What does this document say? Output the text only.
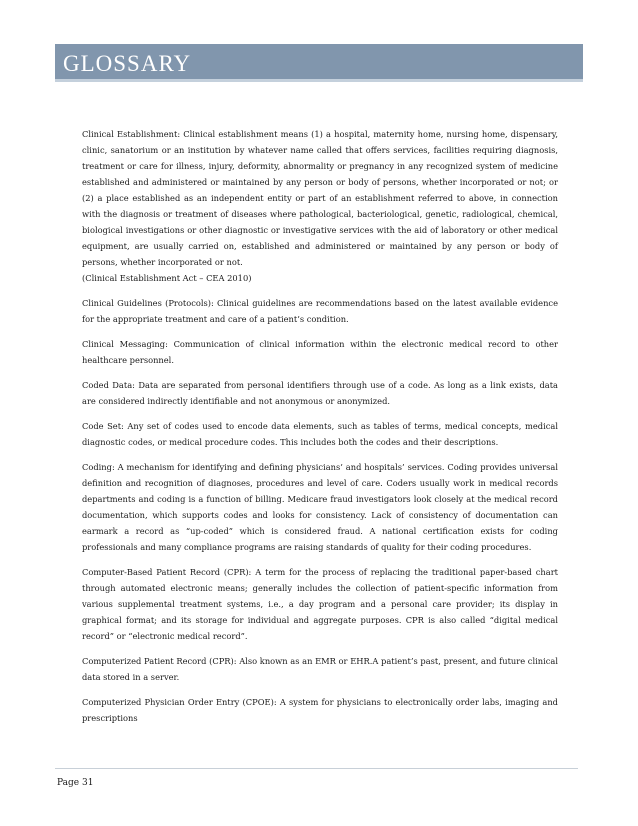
GLOSSARY

Clinical Establishment: Clinical establishment means (1) a hospital, maternity home, nursing home, dispensary, clinic, sanatorium or an institution by whatever name called that offers services, facilities requiring diagnosis, treatment or care for illness, injury, deformity, abnormality or pregnancy in any recognized system of medicine established and administered or maintained by any person or body of persons, whether incorporated or not; or (2) a place established as an independent entity or part of an establishment referred to above, in connection with the diagnosis or treatment of diseases where pathological, bacteriological, genetic, radiological, chemical, biological investigations or other diagnostic or investigative services with the aid of laboratory or other medical equipment, are usually carried on, established and administered or maintained by any person or body of persons, whether incorporated or not.

(Clinical Establishment Act – CEA 2010)

Clinical Guidelines (Protocols): Clinical guidelines are recommendations based on the latest available evidence for the appropriate treatment and care of a patient’s condition.

Clinical Messaging: Communication of clinical information within the electronic medical record to other healthcare personnel.

Coded Data: Data are separated from personal identifiers through use of a code. As long as a link exists, data are considered indirectly identifiable and not anonymous or anonymized.

Code Set: Any set of codes used to encode data elements, such as tables of terms, medical concepts, medical diagnostic codes, or medical procedure codes. This includes both the codes and their descriptions.

Coding: A mechanism for identifying and defining physicians’ and hospitals’ services. Coding provides universal definition and recognition of diagnoses, procedures and level of care. Coders usually work in medical records departments and coding is a function of billing. Medicare fraud investigators look closely at the medical record documentation, which supports codes and looks for consistency. Lack of consistency of documentation can earmark a record as “up-coded” which is considered fraud. A national certification exists for coding professionals and many compliance programs are raising standards of quality for their coding procedures.

Computer-Based Patient Record (CPR): A term for the process of replacing the traditional paper-based chart through automated electronic means; generally includes the collection of patient-specific information from various supplemental treatment systems, i.e., a day program and a personal care provider; its display in graphical format; and its storage for individual and aggregate purposes. CPR is also called “digital medical record” or “electronic medical record”.

Computerized Patient Record (CPR): Also known as an EMR or EHR.A patient’s past, present, and future clinical data stored in a server.

Computerized Physician Order Entry (CPOE): A system for physicians to electronically order labs, imaging and prescriptions

Page 31
